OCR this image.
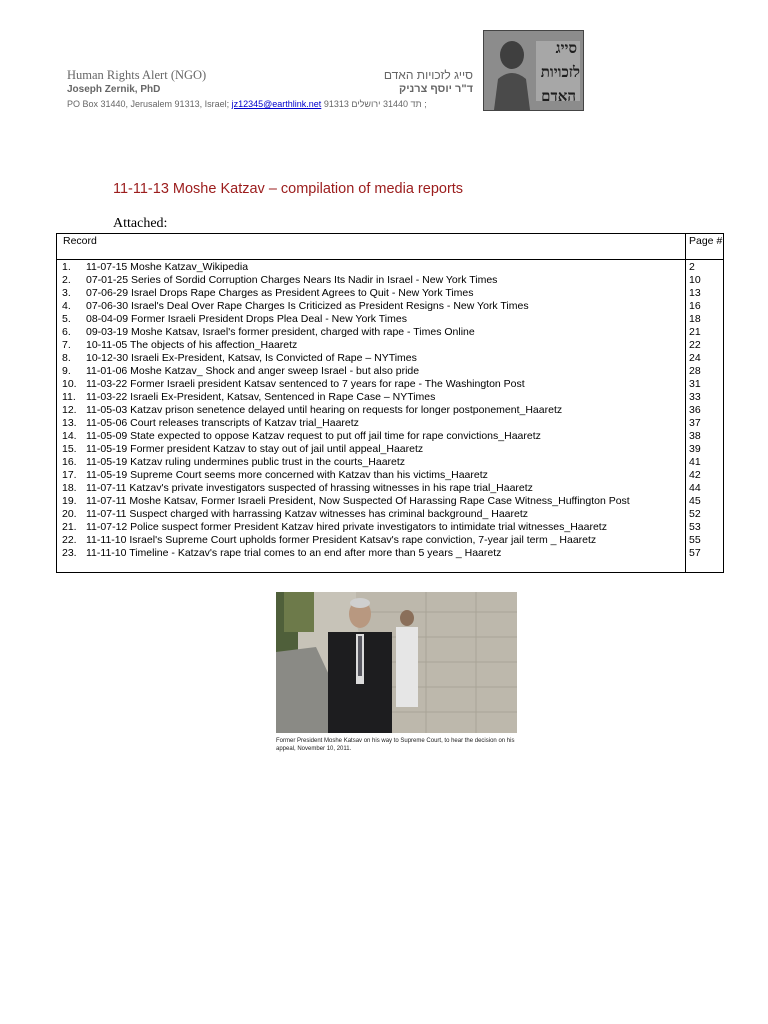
Human Rights Alert (NGO)
Joseph Zernik, PhD
PO Box 31440, Jerusalem 91313, Israel; jz12345@earthlink.net ; תד 31440 ירושלים 91313
סייג לזכויות האדם
ד"ר יוסף צרניק
סייג
לזכויות
האדם
11-11-13 Moshe Katzav – compilation of media reports
Attached:
Record	Page #
1. 11-07-15 Moshe Katzav_Wikipedia	2
2. 07-01-25 Series of Sordid Corruption Charges Nears Its Nadir in Israel - New York Times	10
3. 07-06-29 Israel Drops Rape Charges as President Agrees to Quit - New York Times	13
4. 07-06-30 Israel's Deal Over Rape Charges Is Criticized as President Resigns - New York Times	16
5. 08-04-09 Former Israeli President Drops Plea Deal - New York Times	18
6. 09-03-19 Moshe Katsav, Israel's former president, charged with rape - Times Online	21
7. 10-11-05 The objects of his affection_Haaretz	22
8. 10-12-30 Israeli Ex-President, Katsav, Is Convicted of Rape – NYTimes	24
9. 11-01-06 Moshe Katzav_ Shock and anger sweep Israel - but also pride	28
10. 11-03-22 Former Israeli president Katsav sentenced to 7 years for rape - The Washington Post	31
11. 11-03-22 Israeli Ex-President, Katsav, Sentenced in Rape Case – NYTimes	33
12. 11-05-03 Katzav prison senetence delayed until hearing on requests for longer postponement_Haaretz	36
13. 11-05-06 Court releases transcripts of Katzav trial_Haaretz	37
14. 11-05-09 State expected to oppose Katzav request to put off jail time for rape convictions_Haaretz	38
15. 11-05-19 Former president Katzav to stay out of jail until appeal_Haaretz	39
16. 11-05-19 Katzav ruling undermines public trust in the courts_Haaretz	41
17. 11-05-19 Supreme Court seems more concerned with Katzav than his victims_Haaretz	42
18. 11-07-11 Katzav's private investigators suspected of hrassing witnesses in his rape trial_Haaretz	44
19. 11-07-11 Moshe Katsav, Former Israeli President, Now Suspected Of Harassing Rape Case Witness_Huffington Post	45
20. 11-07-11 Suspect charged with harrassing Katzav witnesses has criminal background_ Haaretz	52
21. 11-07-12 Police suspect former President Katzav hired private investigators to intimidate trial witnesses_Haaretz	53
22. 11-11-10 Israel's Supreme Court upholds former President Katsav's rape conviction, 7-year jail term _ Haaretz	55
23. 11-11-10 Timeline - Katzav's rape trial comes to an end after more than 5 years _ Haaretz	57
Former President Moshe Katsav on his way to Supreme Court, to hear the decision on his appeal, November 10, 2011.
